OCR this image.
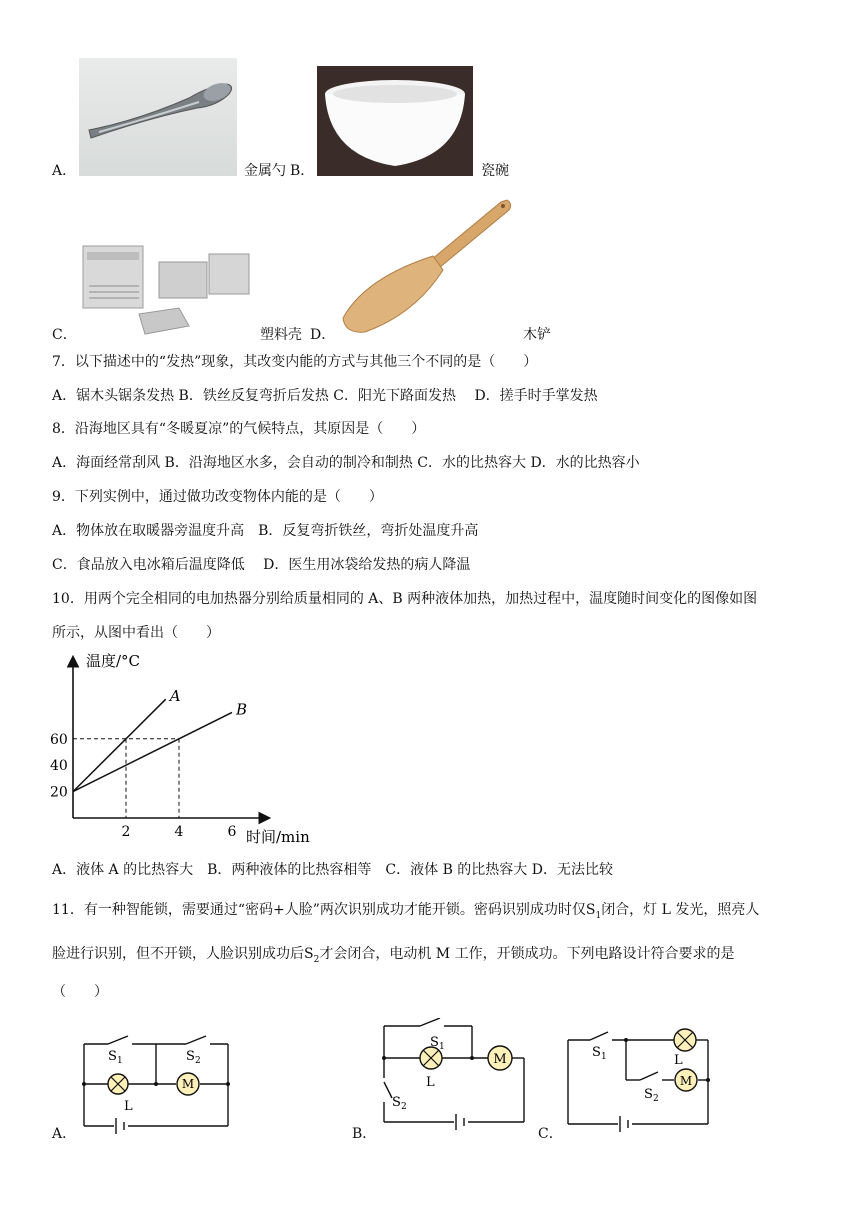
A．	金属勺 B．	瓷碗
C．	塑料壳 D．	木铲
7．以下描述中的“发热”现象，其改变内能的方式与其他三个不同的是（　　）
A．锯木头锯条发热 B．铁丝反复弯折后发热 C．阳光下路面发热　 D．搓手时手掌发热
8．沿海地区具有“冬暖夏凉”的气候特点，其原因是（　　）
A．海面经常刮风 B．沿海地区水多，会自动的制冷和制热 C．水的比热容大 D．水的比热容小
9．下列实例中，通过做功改变物体内能的是（　　）
A．物体放在取暖器旁温度升高　B．反复弯折铁丝，弯折处温度升高
C．食品放入电冰箱后温度降低　 D．医生用冰袋给发热的病人降温
10．用两个完全相同的电加热器分别给质量相同的 A、B 两种液体加热，加热过程中，温度随时间变化的图像如图
所示，从图中看出（　　）
温度/°C
时间/min
20
40
60
2	4	6
A
B
A．液体 A 的比热容大　B．两种液体的比热容相等　C．液体 B 的比热容大 D．无法比较
11．有一种智能锁，需要通过“密码+人脸”两次识别成功才能开锁。密码识别成功时仅$S_1$闭合，灯 L 发光，照亮人
脸进行识别，但不开锁，人脸识别成功后$S_2$才会闭合，电动机 M 工作，开锁成功。下列电路设计符合要求的是
（　　）
A．
M
S 1	S 2
L
B．
M
S 1
L
S 2
C．
M
S 1	L
S 2
